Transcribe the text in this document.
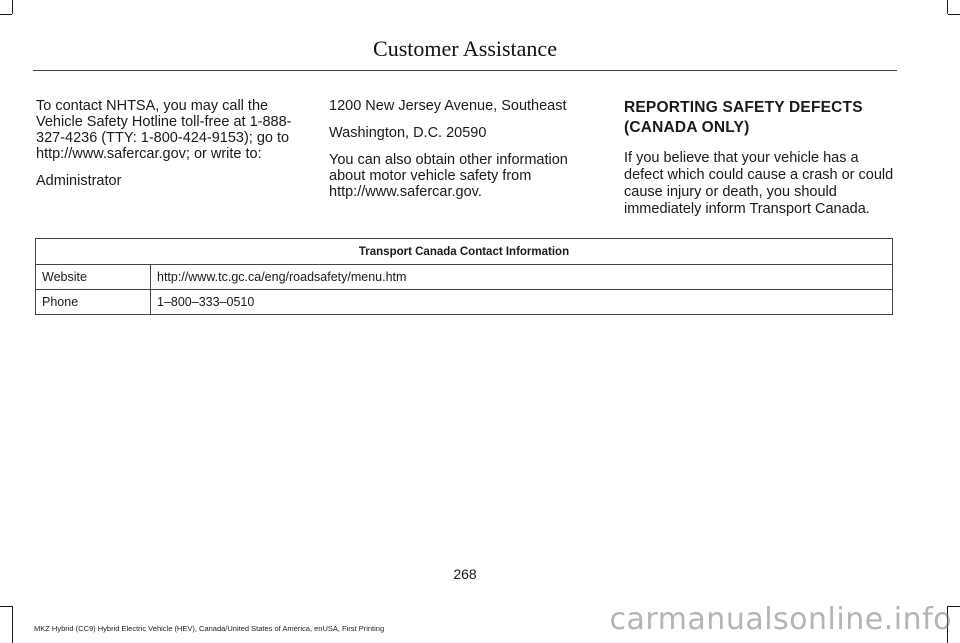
Customer Assistance

To contact NHTSA, you may call the Vehicle Safety Hotline toll-free at 1-888-327-4236 (TTY: 1-800-424-9153); go to http://www.safercar.gov; or write to:

Administrator

1200 New Jersey Avenue, Southeast

Washington, D.C. 20590

You can also obtain other information about motor vehicle safety from http://www.safercar.gov.

REPORTING SAFETY DEFECTS
(CANADA ONLY)

If you believe that your vehicle has a defect which could cause a crash or could cause injury or death, you should immediately inform Transport Canada.

Transport Canada Contact Information	
Website	http://www.tc.gc.ca/eng/roadsafety/menu.htm
Phone	1–800–333–0510
268
MKZ Hybrid (CC9) Hybrid Electric Vehicle (HEV), Canada/United States of America, enUSA, First Printing	carmanualsonline.info
